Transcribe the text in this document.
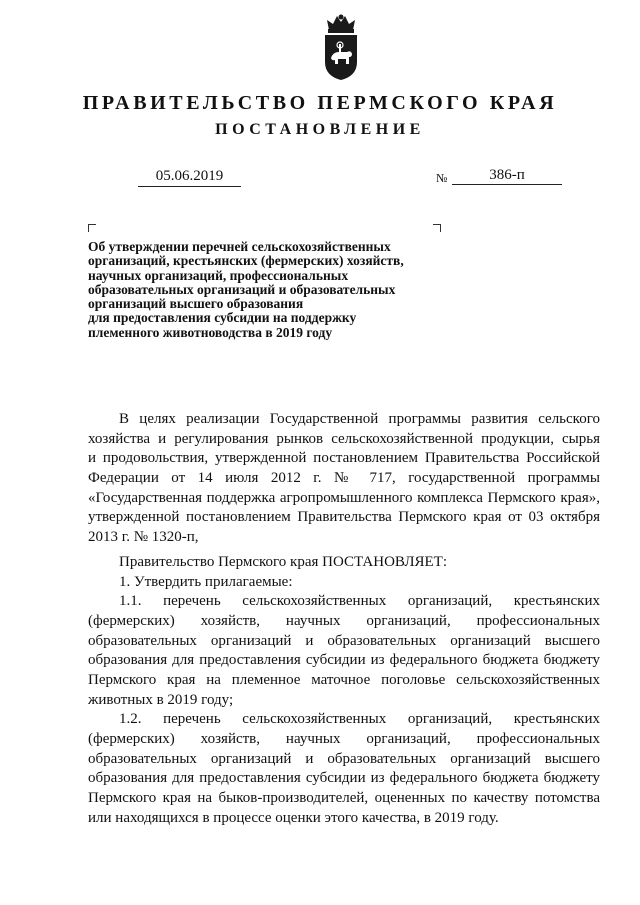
ПРАВИТЕЛЬСТВО ПЕРМСКОГО КРАЯ
ПОСТАНОВЛЕНИЕ
05.06.2019	№	386-п
Об утверждении перечней сельскохозяйственных
организаций, крестьянских (фермерских) хозяйств,
научных организаций, профессиональных
образовательных организаций и образовательных
организаций высшего образования
для предоставления субсидии на поддержку
племенного животноводства в 2019 году
В целях реализации Государственной программы развития сельского
хозяйства и регулирования рынков сельскохозяйственной продукции, сырья
и продовольствия, утвержденной постановлением Правительства Российской
Федерации от 14 июля 2012 г. № 717, государственной программы
«Государственная поддержка агропромышленного комплекса Пермского края»,
утвержденной постановлением Правительства Пермского края от 03 октября
2013 г. № 1320-п,
Правительство Пермского края ПОСТАНОВЛЯЕТ:
1. Утвердить прилагаемые:
1.1. перечень сельскохозяйственных организаций, крестьянских
(фермерских) хозяйств, научных организаций, профессиональных
образовательных организаций и образовательных организаций высшего
образования для предоставления субсидии из федерального бюджета бюджету
Пермского края на племенное маточное поголовье сельскохозяйственных
животных в 2019 году;
1.2. перечень сельскохозяйственных организаций, крестьянских
(фермерских) хозяйств, научных организаций, профессиональных
образовательных организаций и образовательных организаций высшего
образования для предоставления субсидии из федерального бюджета бюджету
Пермского края на быков-производителей, оцененных по качеству потомства
или находящихся в процессе оценки этого качества, в 2019 году.
